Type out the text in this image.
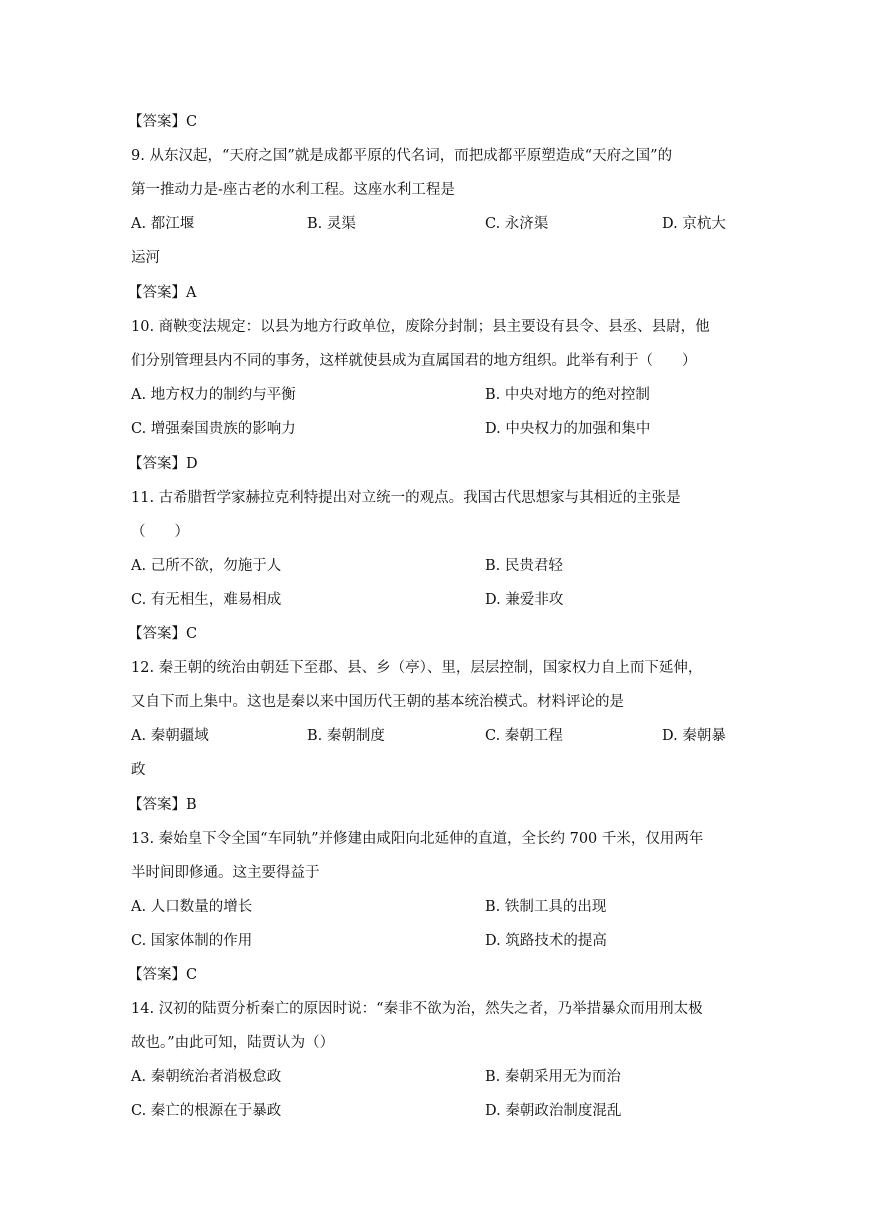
【答案】C
9. 从东汉起，“天府之国”就是成都平原的代名词，而把成都平原塑造成“天府之国”的
第一推动力是-座古老的水利工程。这座水利工程是
A. 都江堰	B. 灵渠	C. 永济渠	D. 京杭大
运河
【答案】A
10. 商鞅变法规定：以县为地方行政单位，废除分封制；县主要设有县令、县丞、县尉，他
们分别管理县内不同的事务，这样就使县成为直属国君的地方组织。此举有利于（　　）
A. 地方权力的制约与平衡	B. 中央对地方的绝对控制
C. 增强秦国贵族的影响力	D. 中央权力的加强和集中
【答案】D
11. 古希腊哲学家赫拉克利特提出对立统一的观点。我国古代思想家与其相近的主张是
（　　）
A. 己所不欲，勿施于人	B. 民贵君轻
C. 有无相生，难易相成	D. 兼爱非攻
【答案】C
12. 秦王朝的统治由朝廷下至郡、县、乡（亭）、里，层层控制，国家权力自上而下延伸，
又自下而上集中。这也是秦以来中国历代王朝的基本统治模式。材料评论的是
A. 秦朝疆域	B. 秦朝制度	C. 秦朝工程	D. 秦朝暴
政
【答案】B
13. 秦始皇下令全国“车同轨”并修建由咸阳向北延伸的直道，全长约 700 千米，仅用两年
半时间即修通。这主要得益于
A. 人口数量的增长	B. 铁制工具的出现
C. 国家体制的作用	D. 筑路技术的提高
【答案】C
14. 汉初的陆贾分析秦亡的原因时说：“秦非不欲为治，然失之者，乃举措暴众而用刑太极
故也。”由此可知，陆贾认为（）
A. 秦朝统治者消极怠政	B. 秦朝采用无为而治
C. 秦亡的根源在于暴政	D. 秦朝政治制度混乱
